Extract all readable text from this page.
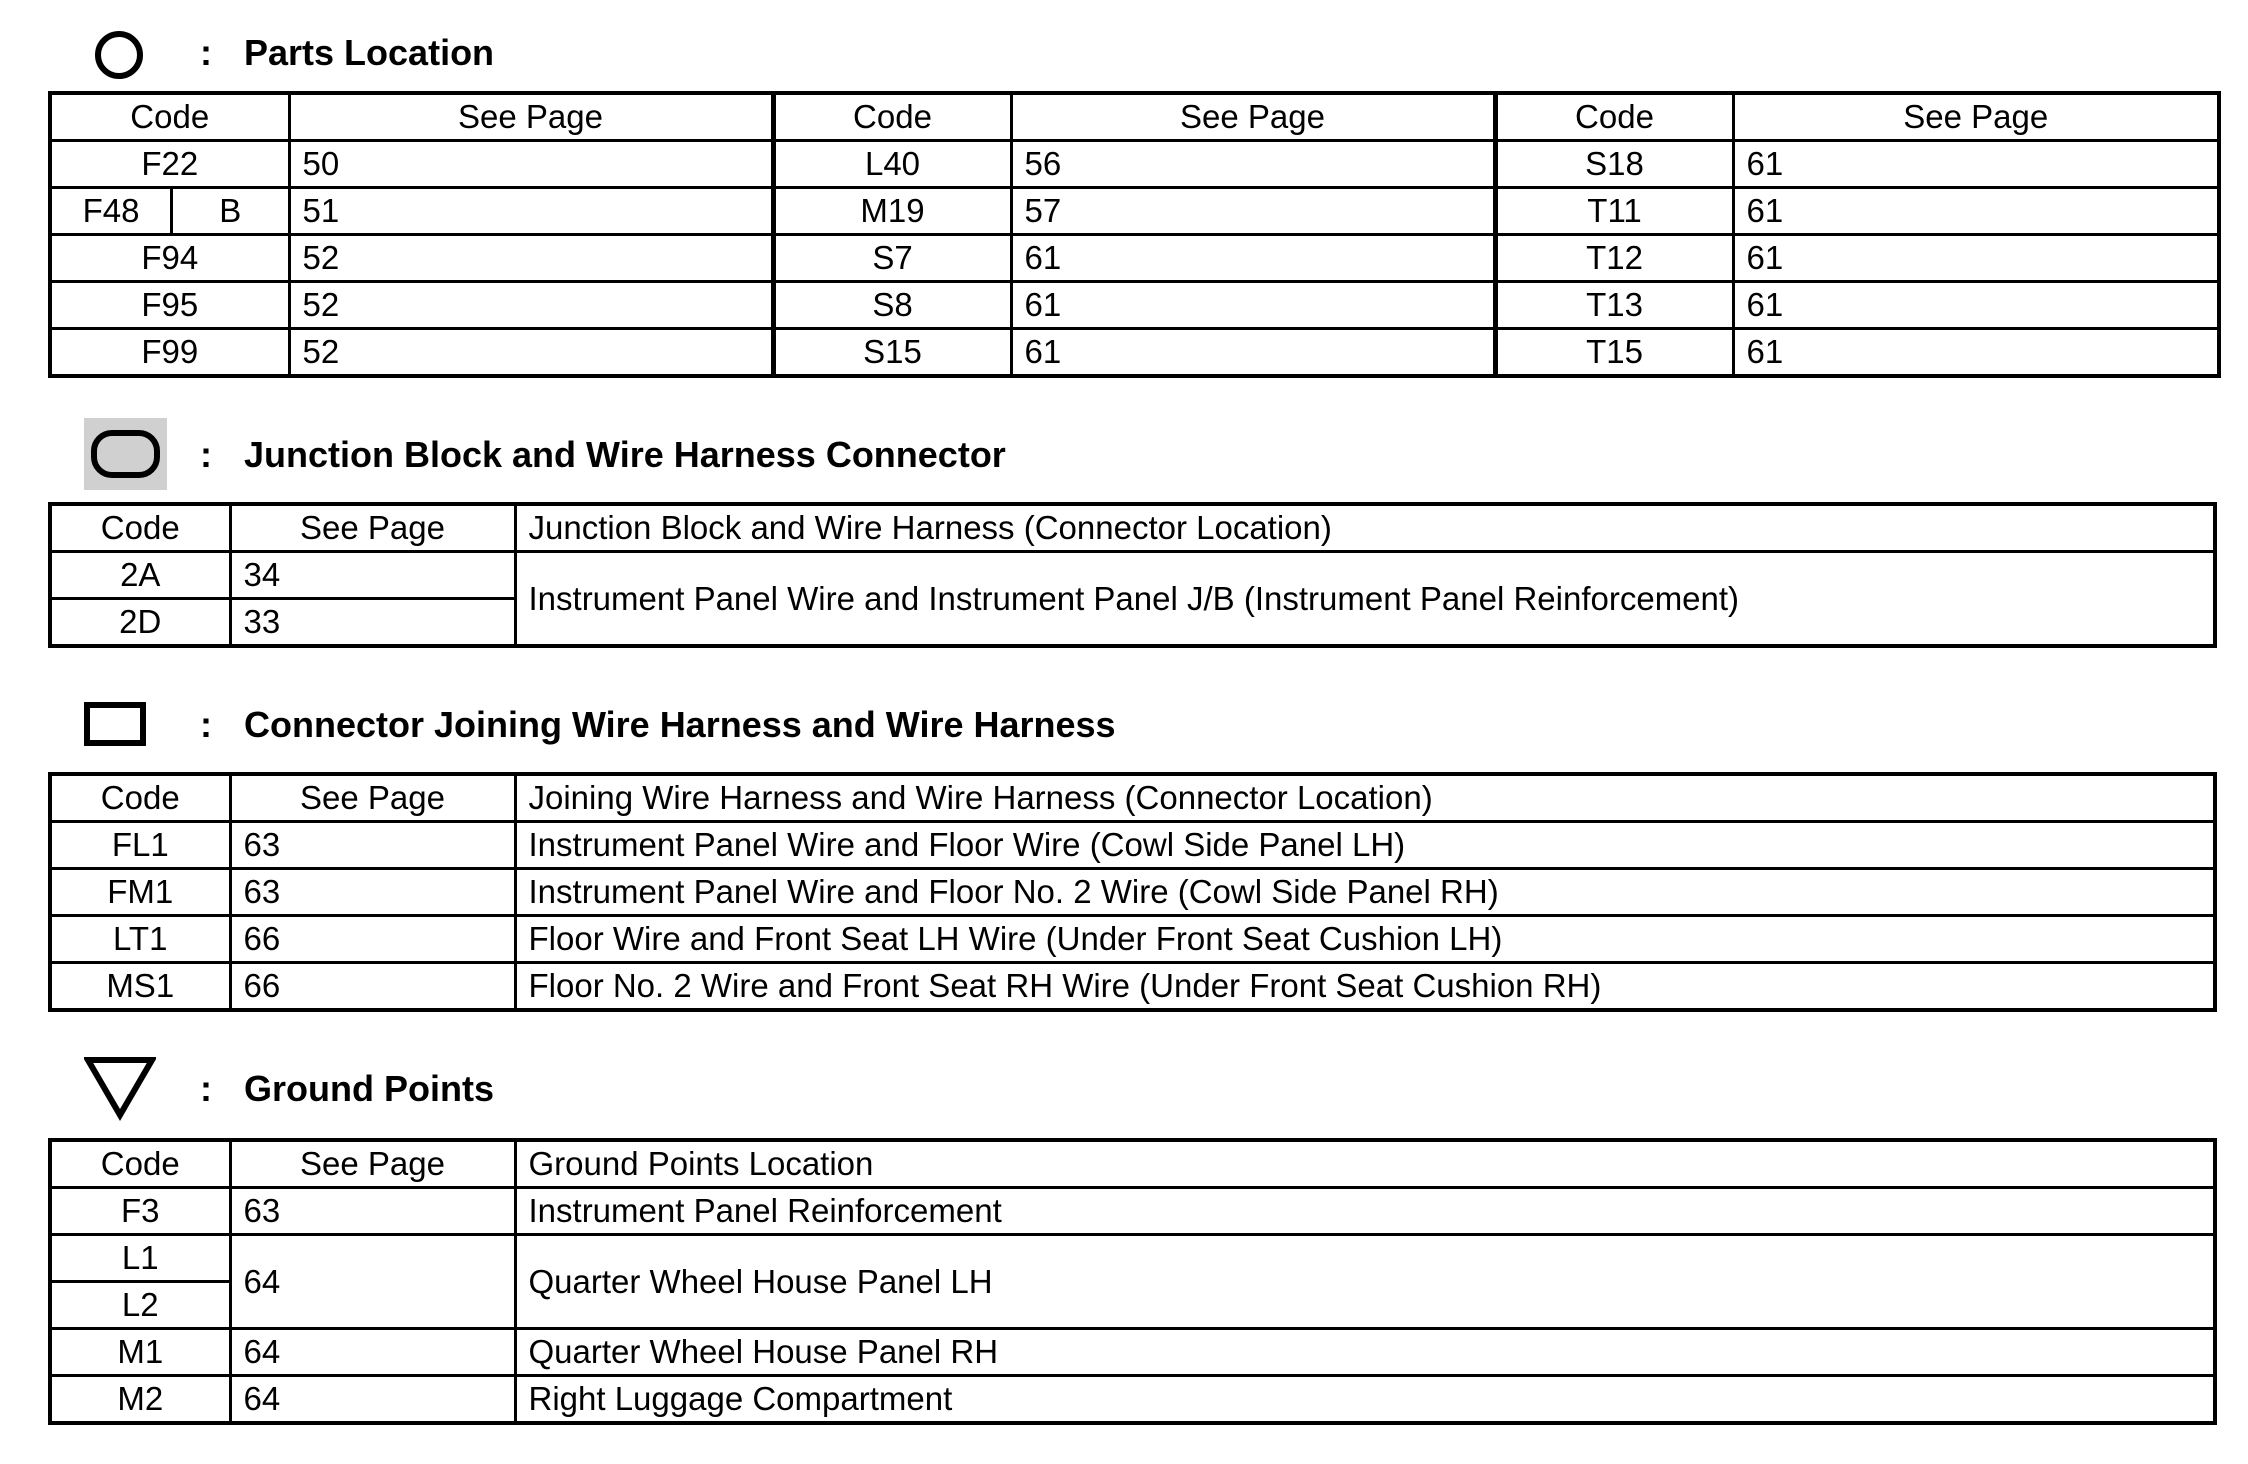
: Parts Location
Code	See Page	Code	See Page	Code	See Page
F22	50	L40	56	S18	61

F48 B	51	M19	57	T11	61
F94	52	S7	61	T12	61
F95	52	S8	61	T13	61
F99	52	S15	61	T15	61
: Junction Block and Wire Harness Connector
Code	See Page	Junction Block and Wire Harness (Connector Location)
2A	34	Instrument Panel Wire and Instrument Panel J/B (Instrument Panel Reinforcement)
2D	33	
: Connector Joining Wire Harness and Wire Harness
Code	See Page	Joining Wire Harness and Wire Harness (Connector Location)
FL1	63	Instrument Panel Wire and Floor Wire (Cowl Side Panel LH)
FM1	63	Instrument Panel Wire and Floor No. 2 Wire (Cowl Side Panel RH)
LT1	66	Floor Wire and Front Seat LH Wire (Under Front Seat Cushion LH)
MS1	66	Floor No. 2 Wire and Front Seat RH Wire (Under Front Seat Cushion RH)
: Ground Points
Code	See Page	Ground Points Location
F3	63	Instrument Panel Reinforcement
L1	64	Quarter Wheel House Panel LH
L2		
M1	64	Quarter Wheel House Panel RH
M2	64	Right Luggage Compartment
